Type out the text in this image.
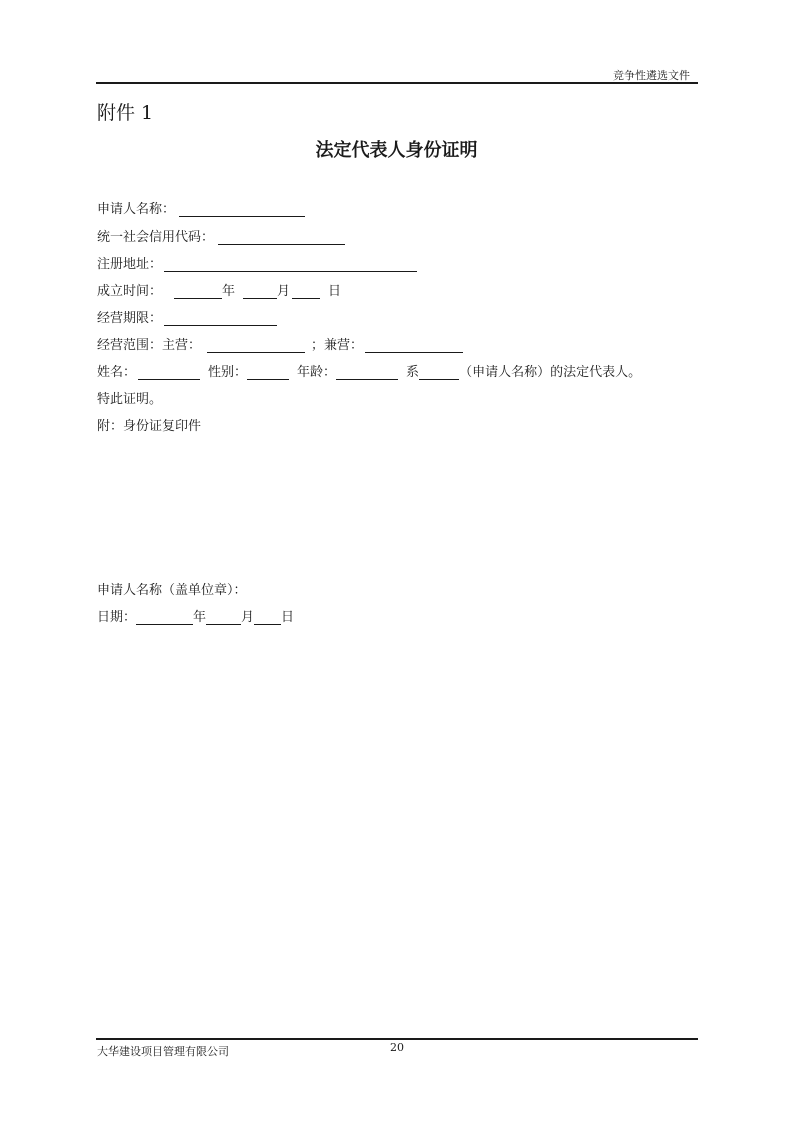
竞争性遴选文件
附件 1
法定代表人身份证明
申请人名称：
统一社会信用代码：
注册地址：
成立时间：	年	月	日
经营期限：
经营范围：主营：	；兼营：
姓名：	性别：	年龄：	系	（申请人名称）的法定代表人。
特此证明。
附：身份证复印件
申请人名称（盖单位章）：
日期：	年	月 日
大华建设项目管理有限公司	20
